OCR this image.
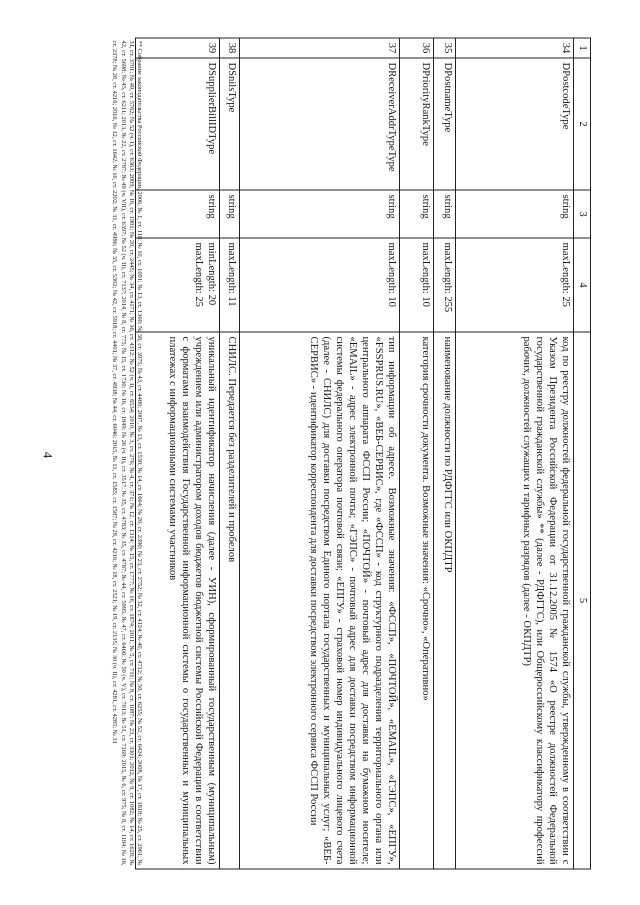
4
1	2	3	4	5
34	DPostcodeType	string	maxLength: 25	код по реестру должностей федеральной государственной гражданской службы, утвержденному в соответствии с Указом Президента Российской Федерации от 31.12.2005 № 1574 «О реестре должностей Федеральной государственной гражданской службы» ** (далее - РДФГГС), или Общероссийскому классификатору профессий рабочих, должностей служащих и тарифных разрядов (далее - ОКПДТР)
35	DPostnameType	string	maxLength: 255	наименование должности по РДФГГС или ОКПДТР
36	DPriorityRankType	string	maxLength: 10	категория срочности документа. Возможные значения: «Срочно», «Оперативно»
37	DReceiverAddrTypeType	string	maxLength: 10	тип информации об адресе. Возможные значения: «ФССП», «ПОЧТОЙ», «EMAIL», «ГЭПС», «ЕПГУ», «FSSPRUS.RU», «ВЕБ-СЕРВИС», где «ФССП» - код структурного подразделения территориального органа или центрального аппарата ФССП России; «ПОЧТОЙ» - почтовый адрес для доставки на бумажном носителе; «EMAIL» - адрес электронной почты; «ГЭПС» - почтовый адрес для доставки посредством информационной системы федерального оператора почтовой связи; «ЕПГУ» - страховой номер индивидуального лицевого счета (далее - СНИЛС) для доставки посредством Единого портала государственных и муниципальных услуг; «ВЕБ-СЕРВИС» - идентификатор корреспондента для доставки посредством электронного сервиса ФССП России
38	DSnilsType	string	maxLength: 11	СНИЛС. Передается без разделителей и пробелов
39	DSupplierBillIDType	string	minLength: 20 maxLength: 25	уникальный идентификатор начисления (далее - УИН), сформированный государственным (муниципальным) учреждением или администратором доходов бюджетов бюджетной системы Российской Федерации в соответствии с форматами взаимодействия Государственной информационной системы о государственных и муниципальных платежах с информационными системами участников
** Собрание законодательства Российской Федерации, 2006, № 1, ст. 118; № 10, ст. 1091; № 13, ст. 1360; № 38, ст. 3975; № 43, ст. 4480; 2007, № 13, ст. 1530; № 14, ст. 1664; № 20, ст. 2390; № 23, ст. 2752; № 32, ст. 4124; № 40, ст. 4712; № 50, ст. 6255; № 52, ст. 6424; 2008, № 17, ст. 1818; № 25, ст. 2961; № 31, ст. 3701; № 49, ст. 5762; № 52 (ч. I), ст. 6363; 2009, № 16, ст. 1901; № 20, ст. 2445; № 34, ст. 4171; № 36, ст. 4312; № 52 (ч. I), ст. 6534; 2010, № 3, ст. 276; № 4, ст. 371; № 12, ст. 1314; № 15, ст. 1777; № 16, ст. 1874; 2011, № 5, ст. 711; № 8, ст. 1087; № 23, ст. 3301; 2012, № 9, ст. 1082; № 14, ст. 1628; № 42, ст. 5698; № 45, ст. 6211; 2013, № 22, ст. 2787; № 49 (ч. VII), ст. 6397; № 52 (ч. II), ст. 7137; 2014, № 8, ст. 775; № 15, ст. 1730; № 16, ст. 1849; № 26 (ч. II), ст. 3517; № 35, ст. 4783; № 35, ст. 4787; № 44, ст. 5995; № 47, ст. 6466; № 50 (ч. V), ст. 7013; № 51, ст. 7169; 2015, № 6, ст. 975; № 8, ст. 1184; № 16, ст. 2378; № 28, ст. 4216; 2016, № 12, ст. 1642; № 16, ст. 2202; № 31, ст. 4986; № 35, ст. 5302; № 42, ст. 5918; ст. 4401; № 37, ст. 4938; № 44, ст. 6046; 2015, № 11, ст. 1585; ст. 1587; № 28, ст. 4216; № 18, ст. 2521; № 19, ст. 2135; № 30 (ч. II), ст. 4281, ст. 4285; № 31
